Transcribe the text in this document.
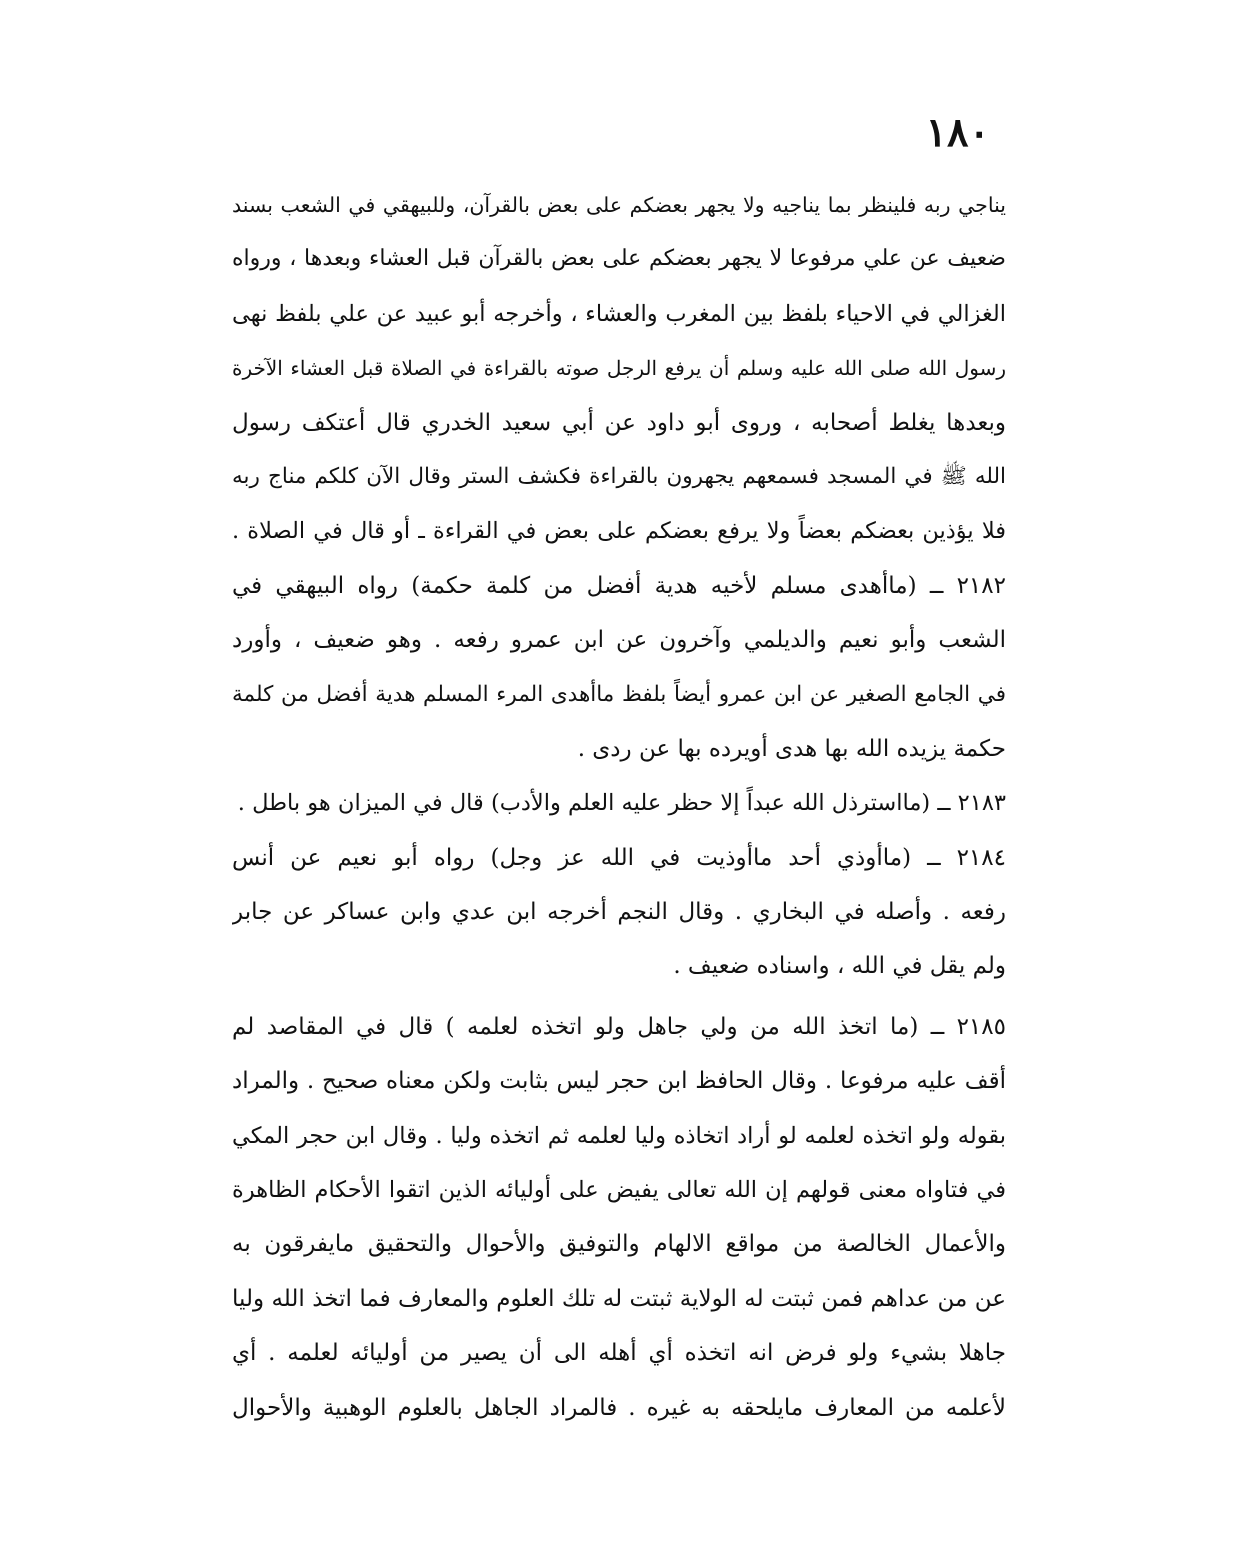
١٨٠
يناجي ربه فلينظر بما يناجيه ولا يجهر بعضكم على بعض بالقرآن، وللبيهقي في الشعب بسند
ضعيف عن علي مرفوعا لا يجهر بعضكم على بعض بالقرآن قبل العشاء وبعدها ، ورواه
الغزالي في الاحياء بلفظ بين المغرب والعشاء ، وأخرجه أبو عبيد عن علي بلفظ نهى
رسول الله صلى الله عليه وسلم أن يرفع الرجل صوته بالقراءة في الصلاة قبل العشاء الآخرة
وبعدها يغلط أصحابه ، وروى أبو داود عن أبي سعيد الخدري قال أعتكف رسول
الله ﷺ في المسجد فسمعهم يجهرون بالقراءة فكشف الستر وقال الآن كلكم مناج ربه
فلا يؤذين بعضكم بعضاً ولا يرفع بعضكم على بعض في القراءة ـ أو قال في الصلاة .
٢١٨٢ ــ (ماأهدى مسلم لأخيه هدية أفضل من كلمة حكمة) رواه البيهقي في
الشعب وأبو نعيم والديلمي وآخرون عن ابن عمرو رفعه . وهو ضعيف ، وأورد
في الجامع الصغير عن ابن عمرو أيضاً بلفظ ماأهدى المرء المسلم هدية أفضل من كلمة
حكمة يزيده الله بها هدى أويرده بها عن ردى .
٢١٨٣ ــ (مااسترذل الله عبداً إلا حظر عليه العلم والأدب) قال في الميزان هو باطل .
٢١٨٤ ــ (ماأوذي أحد ماأوذيت في الله عز وجل) رواه أبو نعيم عن أنس
رفعه . وأصله في البخاري . وقال النجم أخرجه ابن عدي وابن عساكر عن جابر
ولم يقل في الله ، واسناده ضعيف .
٢١٨٥ ــ (ما اتخذ الله من ولي جاهل ولو اتخذه لعلمه ) قال في المقاصد لم
أقف عليه مرفوعا . وقال الحافظ ابن حجر ليس بثابت ولكن معناه صحيح . والمراد
بقوله ولو اتخذه لعلمه لو أراد اتخاذه وليا لعلمه ثم اتخذه وليا . وقال ابن حجر المكي
في فتاواه معنى قولهم إن الله تعالى يفيض على أوليائه الذين اتقوا الأحكام الظاهرة
والأعمال الخالصة من مواقع الالهام والتوفيق والأحوال والتحقيق مايفرقون به
عن من عداهم فمن ثبتت له الولاية ثبتت له تلك العلوم والمعارف فما اتخذ الله وليا
جاهلا بشيء ولو فرض انه اتخذه أي أهله الى أن يصير من أوليائه لعلمه . أي
لأعلمه من المعارف مايلحقه به غيره . فالمراد الجاهل بالعلوم الوهبية والأحوال
